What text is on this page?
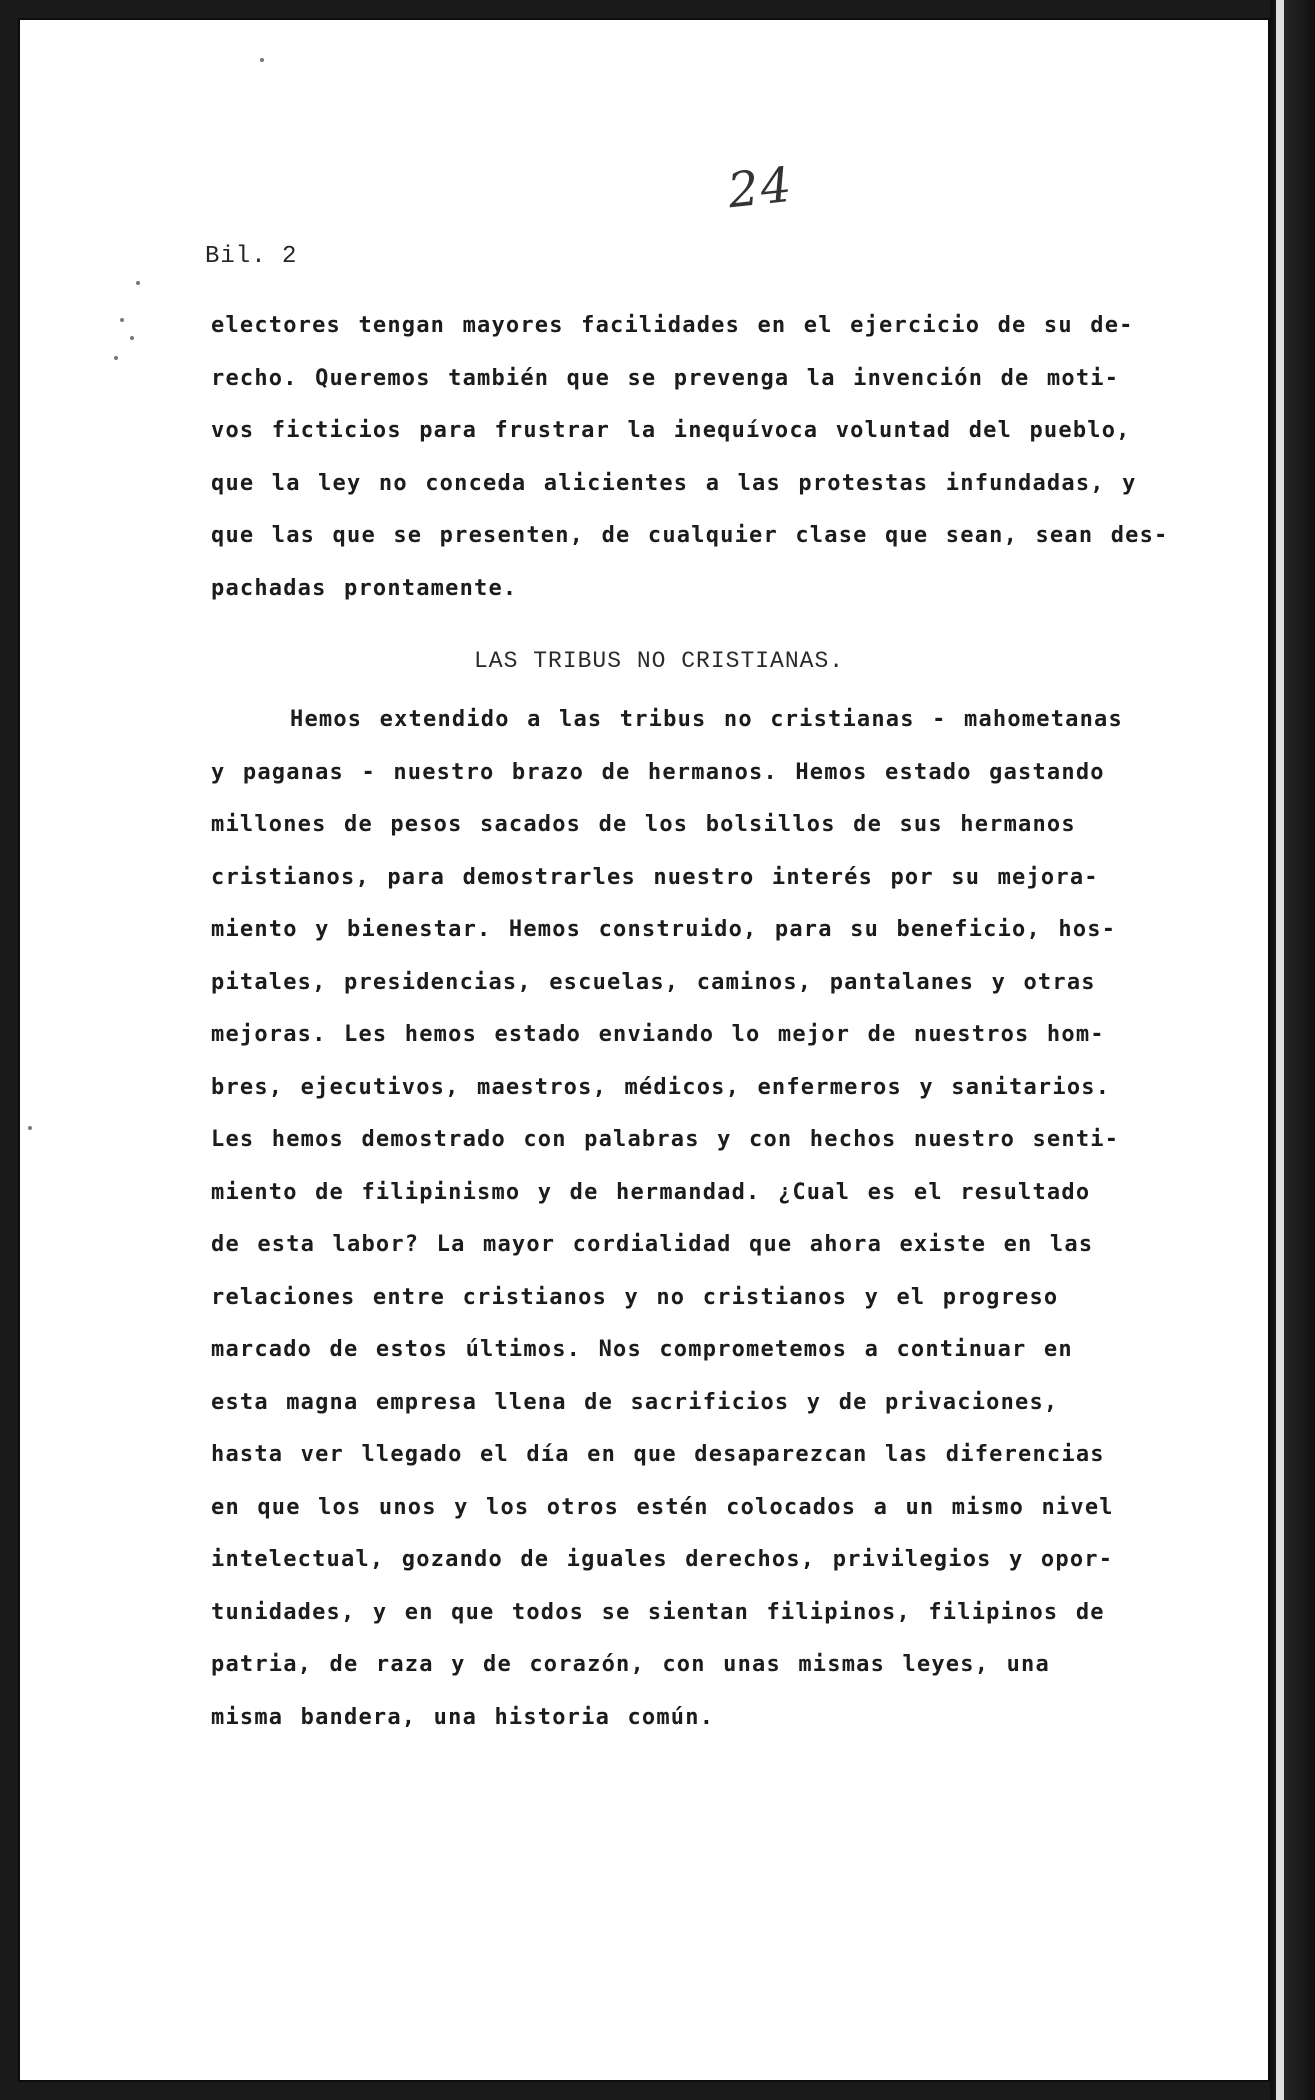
24
Bil. 2
electores tengan mayores facilidades en el ejercicio de su de-
recho. Queremos también que se prevenga la invención de moti-
vos ficticios para frustrar la inequívoca voluntad del pueblo,
que la ley no conceda alicientes a las protestas infundadas, y
que las que se presenten, de cualquier clase que sean, sean des-
pachadas prontamente.
LAS TRIBUS NO CRISTIANAS.
Hemos extendido a las tribus no cristianas - mahometanas
y paganas - nuestro brazo de hermanos. Hemos estado gastando
millones de pesos sacados de los bolsillos de sus hermanos
cristianos, para demostrarles nuestro interés por su mejora-
miento y bienestar. Hemos construido, para su beneficio, hos-
pitales, presidencias, escuelas, caminos, pantalanes y otras
mejoras. Les hemos estado enviando lo mejor de nuestros hom-
bres, ejecutivos, maestros, médicos, enfermeros y sanitarios.
Les hemos demostrado con palabras y con hechos nuestro senti-
miento de filipinismo y de hermandad. ¿Cual es el resultado
de esta labor? La mayor cordialidad que ahora existe en las
relaciones entre cristianos y no cristianos y el progreso
marcado de estos últimos. Nos comprometemos a continuar en
esta magna empresa llena de sacrificios y de privaciones,
hasta ver llegado el día en que desaparezcan las diferencias
en que los unos y los otros estén colocados a un mismo nivel
intelectual, gozando de iguales derechos, privilegios y opor-
tunidades, y en que todos se sientan filipinos, filipinos de
patria, de raza y de corazón, con unas mismas leyes, una
misma bandera, una historia común.
